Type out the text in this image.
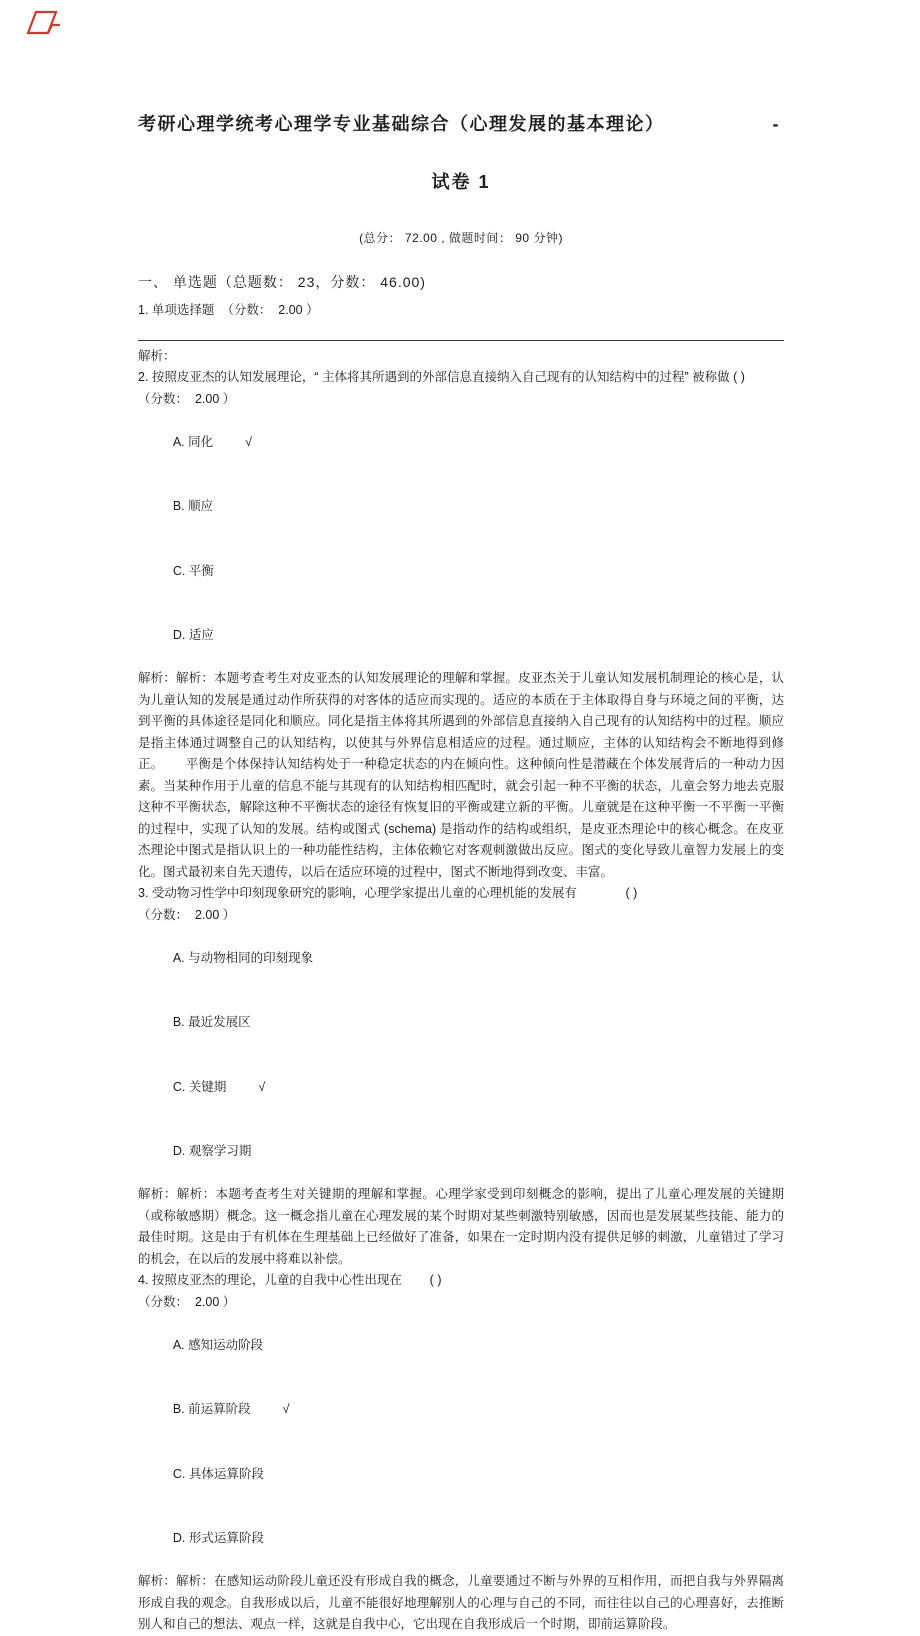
考研心理学统考心理学专业基础综合（心理发展的基本理论）	-
试卷 1
(总分： 72.00 , 做题时间： 90 分钟)
一、 单选题（总题数： 23，分数： 46.00)
1. 单项选择题  （分数：  2.00 ）
解析：
2. 按照皮亚杰的认知发展理论，“ 主体将其所遇到的外部信息直接纳入自己现有的认知结构中的过程” 被称做 ( )
（分数：  2.00 ）

A. 同化	√

B. 顺应

C. 平衡

D. 适应

解析：解析：本题考查考生对皮亚杰的认知发展理论的理解和掌握。皮亚杰关于儿童认知发展机制理论的核心是，认为儿童认知的发展是通过动作所获得的对客体的适应而实现的。适应的本质在于主体取得自身与环境之间的平衡，达到平衡的具体途径是同化和顺应。同化是指主体将其所遇到的外部信息直接纳入自己现有的认知结构中的过程。顺应是指主体通过调整自己的认知结构，以使其与外界信息相适应的过程。通过顺应，主体的认知结构会不断地得到修正。      平衡是个体保持认知结构处于一种稳定状态的内在倾向性。这种倾向性是潜藏在个体发展背后的一种动力因素。当某种作用于儿童的信息不能与其现有的认知结构相匹配时，就会引起一种不平衡的状态，儿童会努力地去克服这种不平衡状态，解除这种不平衡状态的途径有恢复旧的平衡或建立新的平衡。儿童就是在这种平衡一不平衡一平衡的过程中，实现了认知的发展。结构或图式 (schema) 是指动作的结构或组织，是皮亚杰理论中的核心概念。在皮亚杰理论中图式是指认识上的一种功能性结构，主体依赖它对客观刺激做出反应。图式的变化导致儿童智力发展上的变化。图式最初来自先天遗传，以后在适应环境的过程中，图式不断地得到改变、丰富。
3. 受动物习性学中印刻现象研究的影响，心理学家提出儿童的心理机能的发展有              ( )
（分数：  2.00 ）

A. 与动物相同的印刻现象

B. 最近发展区

C. 关键期	√

D. 观察学习期

解析：解析：本题考查考生对关键期的理解和掌握。心理学家受到印刻概念的影响，提出了儿童心理发展的关键期（或称敏感期）概念。这一概念指儿童在心理发展的某个时期对某些刺激特别敏感，因而也是发展某些技能、能力的最佳时期。这是由于有机体在生理基础上已经做好了准备，如果在一定时期内没有提供足够的刺激，儿童错过了学习的机会，在以后的发展中将难以补偿。
4. 按照皮亚杰的理论，儿童的自我中心性出现在        ( )
（分数：  2.00 ）

A. 感知运动阶段

B. 前运算阶段	√

C. 具体运算阶段

D. 形式运算阶段

解析：解析：在感知运动阶段儿童还没有形成自我的概念，儿童要通过不断与外界的互相作用，而把自我与外界隔离形成自我的观念。自我形成以后，儿童不能很好地理解别人的心理与自己的不同，而往往以自己的心理喜好，去推断别人和自己的想法、观点一样，这就是自我中心，它出现在自我形成后一个时期，即前运算阶段。
